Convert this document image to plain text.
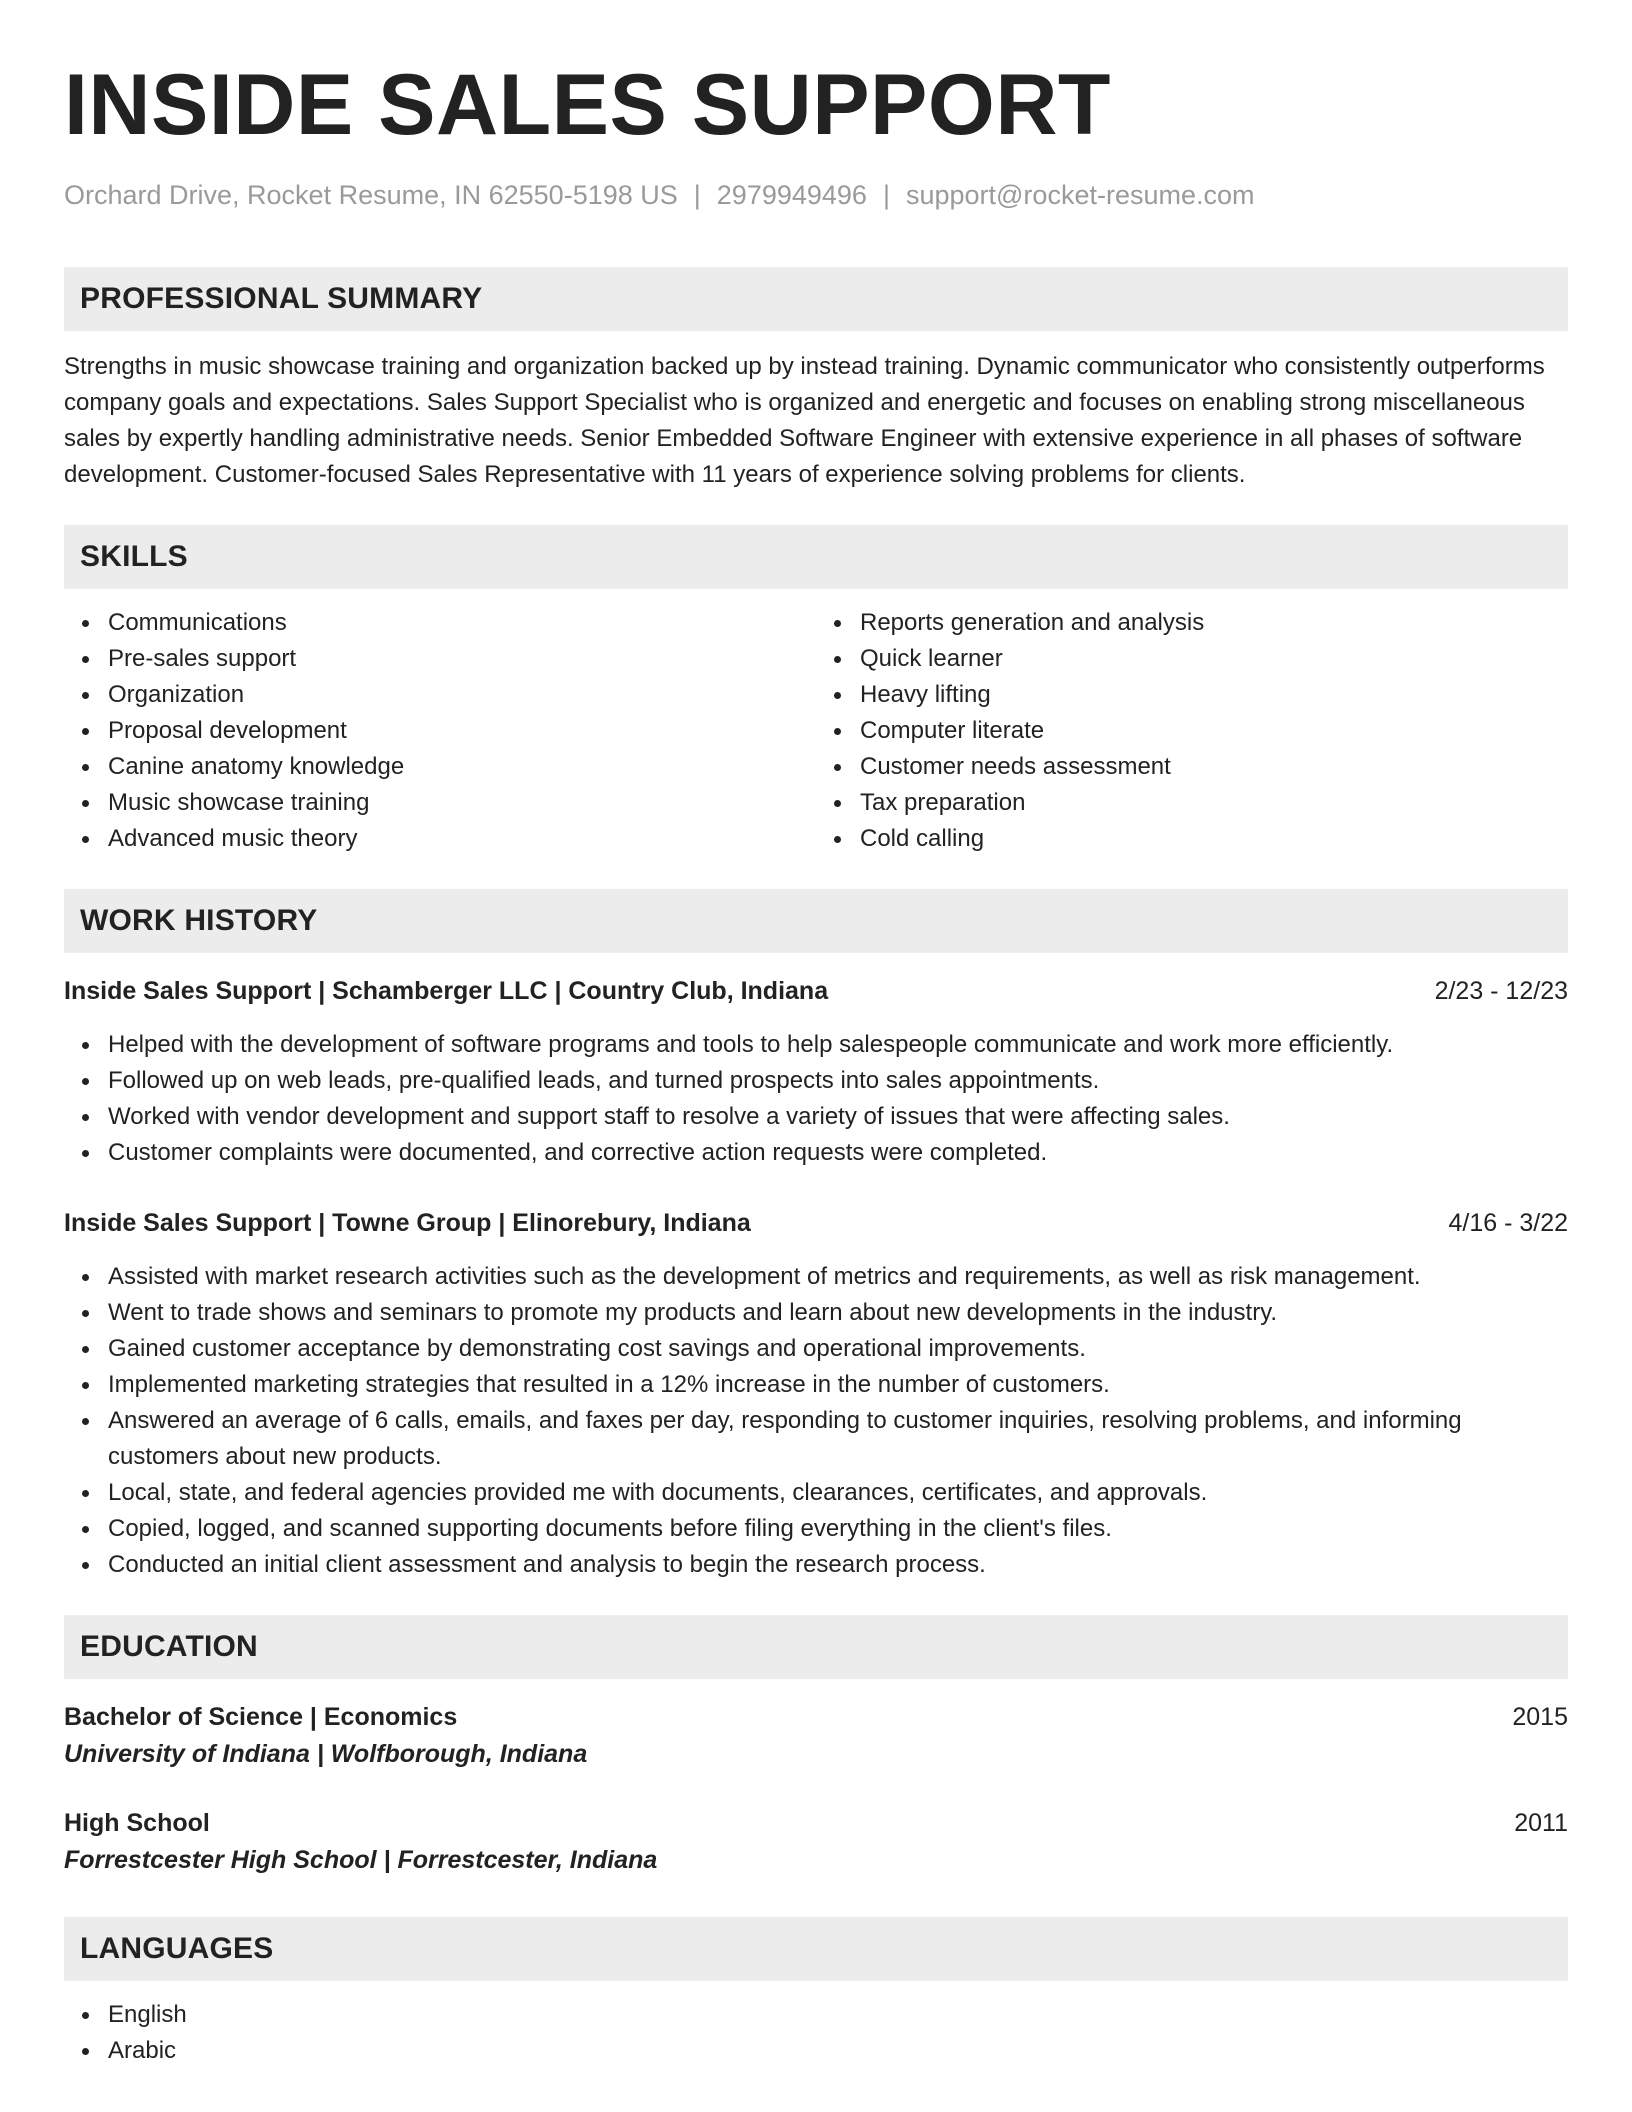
INSIDE SALES SUPPORT
Orchard Drive, Rocket Resume, IN 62550-5198 US | 2979949496 | support@rocket-resume.com
PROFESSIONAL SUMMARY

Strengths in music showcase training and organization backed up by instead training. Dynamic communicator who consistently outperforms company goals and expectations. Sales Support Specialist who is organized and energetic and focuses on enabling strong miscellaneous sales by expertly handling administrative needs. Senior Embedded Software Engineer with extensive experience in all phases of software development. Customer-focused Sales Representative with 11 years of experience solving problems for clients.

SKILLS
Communications
Pre-sales support
Organization
Proposal development
Canine anatomy knowledge
Music showcase training
Advanced music theory
Reports generation and analysis
Quick learner
Heavy lifting
Computer literate
Customer needs assessment
Tax preparation
Cold calling
WORK HISTORY
Inside Sales Support | Schamberger LLC | Country Club, Indiana	2/23 - 12/23
Helped with the development of software programs and tools to help salespeople communicate and work more efficiently.
Followed up on web leads, pre-qualified leads, and turned prospects into sales appointments.
Worked with vendor development and support staff to resolve a variety of issues that were affecting sales.
Customer complaints were documented, and corrective action requests were completed.
Inside Sales Support | Towne Group | Elinorebury, Indiana	4/16 - 3/22
Assisted with market research activities such as the development of metrics and requirements, as well as risk management.
Went to trade shows and seminars to promote my products and learn about new developments in the industry.
Gained customer acceptance by demonstrating cost savings and operational improvements.
Implemented marketing strategies that resulted in a 12% increase in the number of customers.
Answered an average of 6 calls, emails, and faxes per day, responding to customer inquiries, resolving problems, and informing customers about new products.
Local, state, and federal agencies provided me with documents, clearances, certificates, and approvals.
Copied, logged, and scanned supporting documents before filing everything in the client's files.
Conducted an initial client assessment and analysis to begin the research process.
EDUCATION
Bachelor of Science | Economics	2015
University of Indiana | Wolfborough, Indiana
High School	2011
Forrestcester High School | Forrestcester, Indiana
LANGUAGES
English
Arabic
